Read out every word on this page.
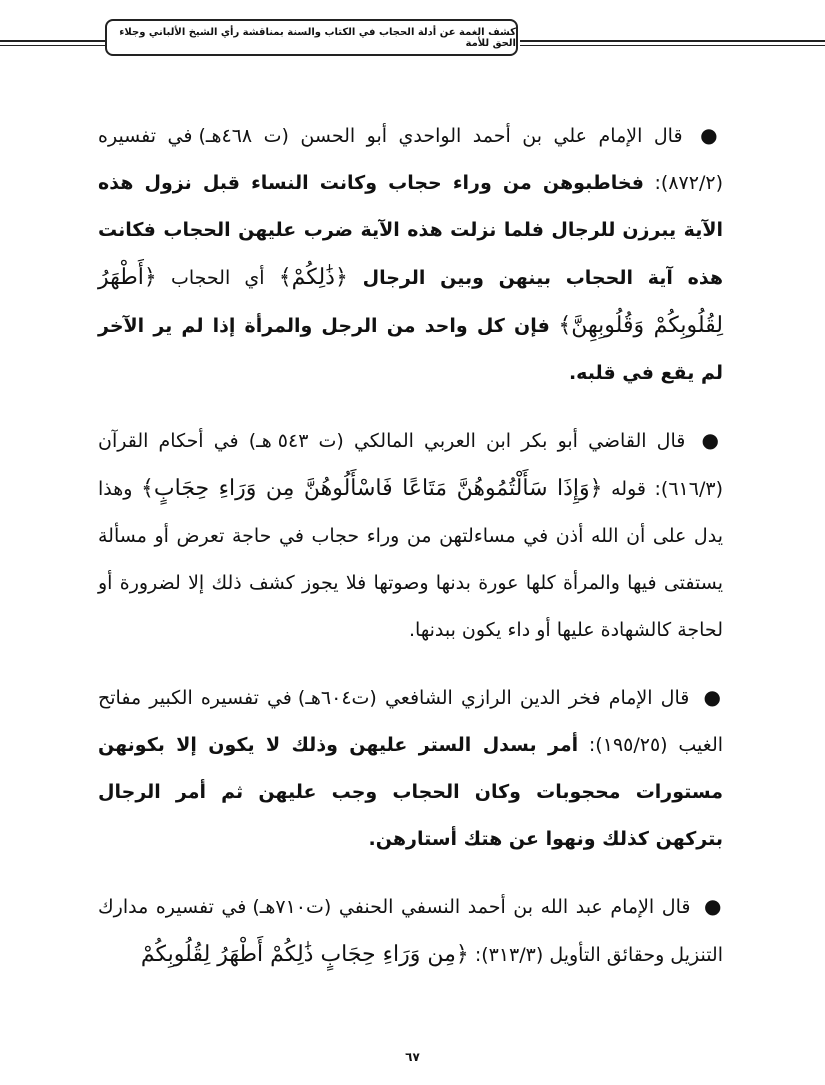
كشف الغمة عن أدلة الحجاب في الكتاب والسنة بمناقشة رأي الشيخ الألباني وجلاء الحق للأمة

● قال الإمام علي بن أحمد الواحدي أبو الحسن (ت ٤٦٨هـ) في تفسيره (٨٧٢/٢): فخاطبوهن من وراء حجاب وكانت النساء قبل نزول هذه الآية يبرزن للرجال فلما نزلت هذه الآية ضرب عليهن الحجاب فكانت هذه آية الحجاب بينهن وبين الرجال ﴿ذَٰلِكُمْ﴾ أي الحجاب ﴿أَطْهَرُ لِقُلُوبِكُمْ وَقُلُوبِهِنَّ﴾ فإن كل واحد من الرجل والمرأة إذا لم ير الآخر لم يقع في قلبه.

● قال القاضي أبو بكر ابن العربي المالكي (ت ٥٤٣ هـ) في أحكام القرآن (٦١٦/٣): قوله ﴿وَإِذَا سَأَلْتُمُوهُنَّ مَتَاعًا فَاسْأَلُوهُنَّ مِن وَرَاءِ حِجَابٍ﴾ وهذا يدل على أن الله أذن في مساءلتهن من وراء حجاب في حاجة تعرض أو مسألة يستفتى فيها والمرأة كلها عورة بدنها وصوتها فلا يجوز كشف ذلك إلا لضرورة أو لحاجة كالشهادة عليها أو داء يكون ببدنها.

● قال الإمام فخر الدين الرازي الشافعي (ت٦٠٤هـ) في تفسيره الكبير مفاتح الغيب (١٩٥/٢٥): أمر بسدل الستر عليهن وذلك لا يكون إلا بكونهن مستورات محجوبات وكان الحجاب وجب عليهن ثم أمر الرجال بتركهن كذلك ونهوا عن هتك أستارهن.

● قال الإمام عبد الله بن أحمد النسفي الحنفي (ت٧١٠هـ) في تفسيره مدارك التنزيل وحقائق التأويل (٣١٣/٣): ﴿مِن وَرَاءِ حِجَابٍ ذَٰلِكُمْ أَطْهَرُ لِقُلُوبِكُمْ

٦٧
